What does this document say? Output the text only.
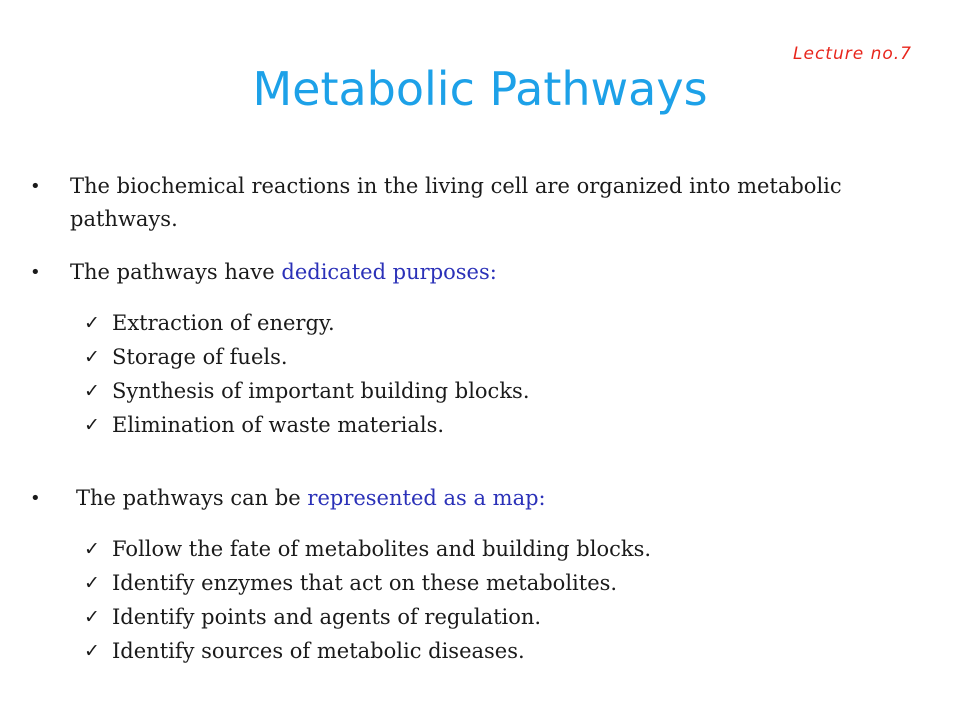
Lecture no.7
Metabolic Pathways
• The biochemical reactions in the living cell are organized into metabolic pathways.
• The pathways have dedicated purposes:
✓ Extraction of energy.
✓ Storage of fuels.
✓ Synthesis of important building blocks.
✓ Elimination of waste materials.
• The pathways can be represented as a map:
✓ Follow the fate of metabolites and building blocks.
✓ Identify enzymes that act on these metabolites.
✓ Identify points and agents of regulation.
✓ Identify sources of metabolic diseases.
